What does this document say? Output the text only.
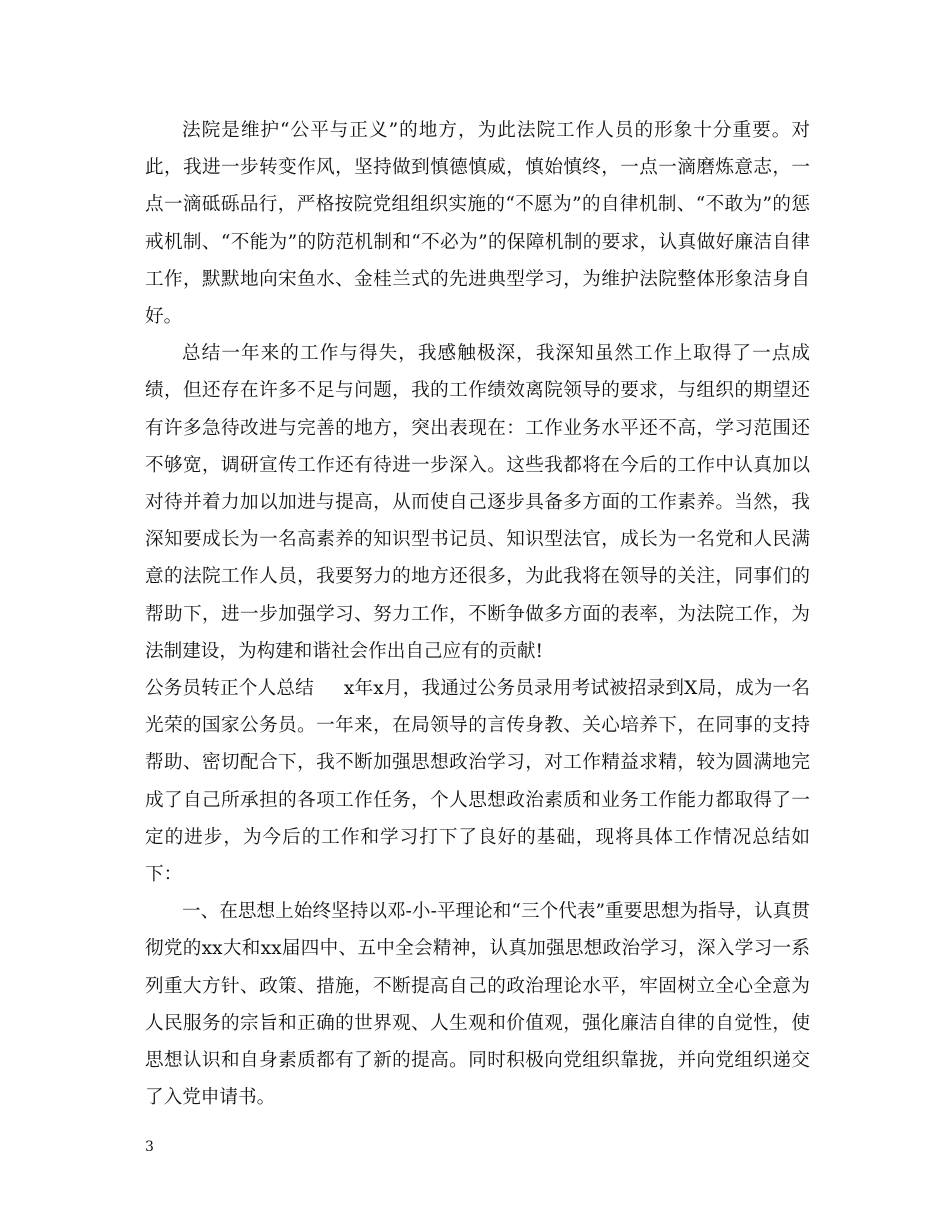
法院是维护“公平与正义”的地方，为此法院工作人员的形象十分重要。对此，我进一步转变作风，坚持做到慎德慎威，慎始慎终，一点一滴磨炼意志，一点一滴砥砾品行，严格按院党组组织实施的“不愿为”的自律机制、“不敢为”的惩戒机制、“不能为”的防范机制和“不必为”的保障机制的要求，认真做好廉洁自律工作，默默地向宋鱼水、金桂兰式的先进典型学习，为维护法院整体形象洁身自好。

总结一年来的工作与得失，我感触极深，我深知虽然工作上取得了一点成绩，但还存在许多不足与问题，我的工作绩效离院领导的要求，与组织的期望还有许多急待改进与完善的地方，突出表现在：工作业务水平还不高，学习范围还不够宽，调研宣传工作还有待进一步深入。这些我都将在今后的工作中认真加以对待并着力加以加进与提高，从而使自己逐步具备多方面的工作素养。当然，我深知要成长为一名高素养的知识型书记员、知识型法官，成长为一名党和人民满意的法院工作人员，我要努力的地方还很多，为此我将在领导的关注，同事们的帮助下，进一步加强学习、努力工作，不断争做多方面的表率，为法院工作，为法制建设，为构建和谐社会作出自己应有的贡献!

公务员转正个人总结 x年x月，我通过公务员录用考试被招录到X局，成为一名光荣的国家公务员。一年来，在局领导的言传身教、关心培养下，在同事的支持帮助、密切配合下，我不断加强思想政治学习，对工作精益求精，较为圆满地完成了自己所承担的各项工作任务，个人思想政治素质和业务工作能力都取得了一定的进步，为今后的工作和学习打下了良好的基础，现将具体工作情况总结如下：

一、在思想上始终坚持以邓-小-平理论和“三个代表”重要思想为指导，认真贯彻党的xx大和xx届四中、五中全会精神，认真加强思想政治学习，深入学习一系列重大方针、政策、措施，不断提高自己的政治理论水平，牢固树立全心全意为人民服务的宗旨和正确的世界观、人生观和价值观，强化廉洁自律的自觉性，使思想认识和自身素质都有了新的提高。同时积极向党组织靠拢，并向党组织递交了入党申请书。

3
